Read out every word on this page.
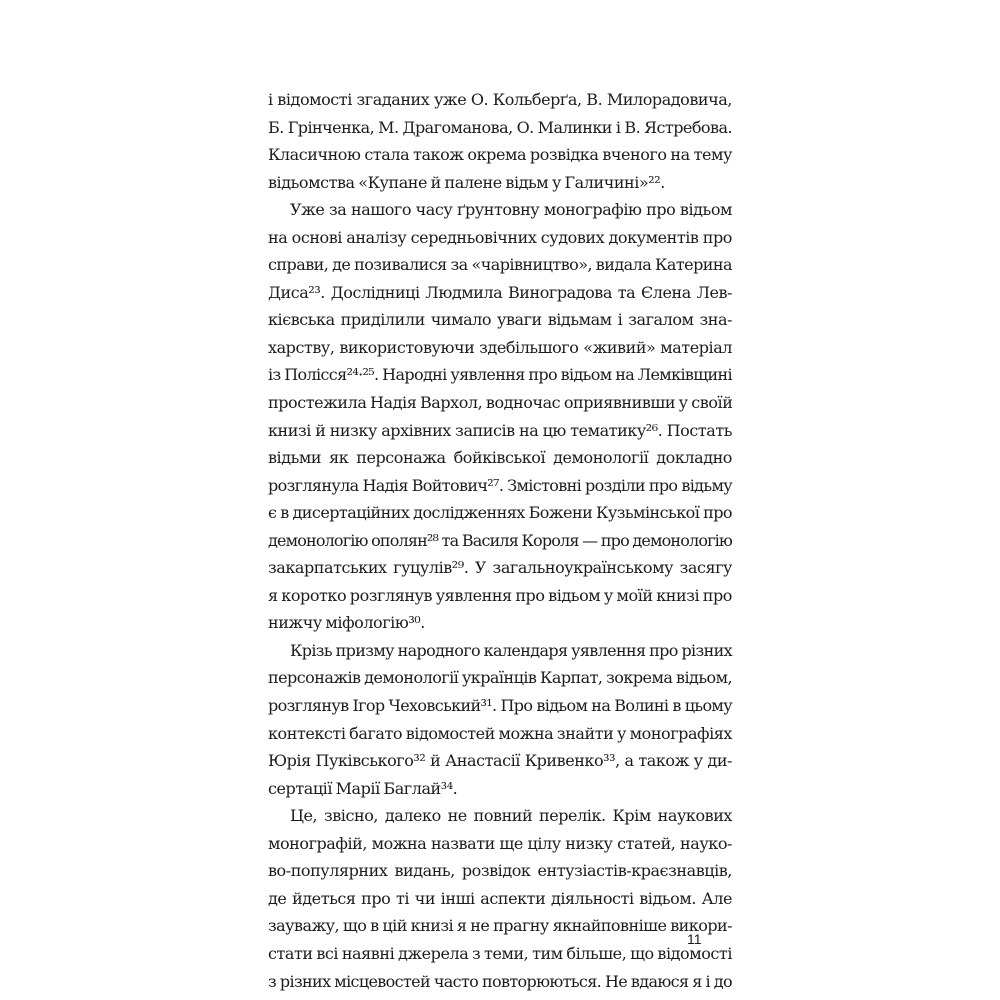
і відомості згаданих уже О. Кольберґа, В. Милорадовича,
Б. Грінченка, М. Драгоманова, О. Малинки і В. Ястребова.
Класичною стала також окрема розвідка вченого на тему
відьомства «Купане й палене відьм у Галичині»²².
Уже за нашого часу ґрунтовну монографію про відьом
на основі аналізу середньовічних судових документів про
справи, де позивалися за «чарівництво», видала Катерина
Диса²³. Дослідниці Людмила Виноградова та Єлена Лев-
кієвська приділили чимало уваги відьмам і загалом зна-
харству, використовуючи здебільшого «живий» матеріал
із Полісся²⁴·²⁵. Народні уявлення про відьом на Лемківщині
простежила Надія Вархол, водночас оприявнивши у своїй
книзі й низку архівних записів на цю тематику²⁶. Постать
відьми як персонажа бойківської демонології докладно
розглянула Надія Войтович²⁷. Змістовні розділи про відьму
є в дисертаційних дослідженнях Божени Кузьмінської про
демонологію ополян²⁸ та Василя Короля — про демонологію
закарпатських гуцулів²⁹. У загальноукраїнському засягу
я коротко розглянув уявлення про відьом у моїй книзі про
нижчу міфологію³⁰.
Крізь призму народного календаря уявлення про різних
персонажів демонології українців Карпат, зокрема відьом,
розглянув Ігор Чеховський³¹. Про відьом на Волині в цьому
контексті багато відомостей можна знайти у монографіях
Юрія Пуківського³² й Анастасії Кривенко³³, а також у ди-
сертації Марії Баглай³⁴.
Це, звісно, далеко не повний перелік. Крім наукових
монографій, можна назвати ще цілу низку статей, науко-
во-популярних видань, розвідок ентузіастів-краєзнавців,
де йдеться про ті чи інші аспекти діяльності відьом. Але
зауважу, що в цій книзі я не прагну якнайповніше викори-
стати всі наявні джерела з теми, тим більше, що відомості
з різних місцевостей часто повторюються. Не вдаюся я і до
11
